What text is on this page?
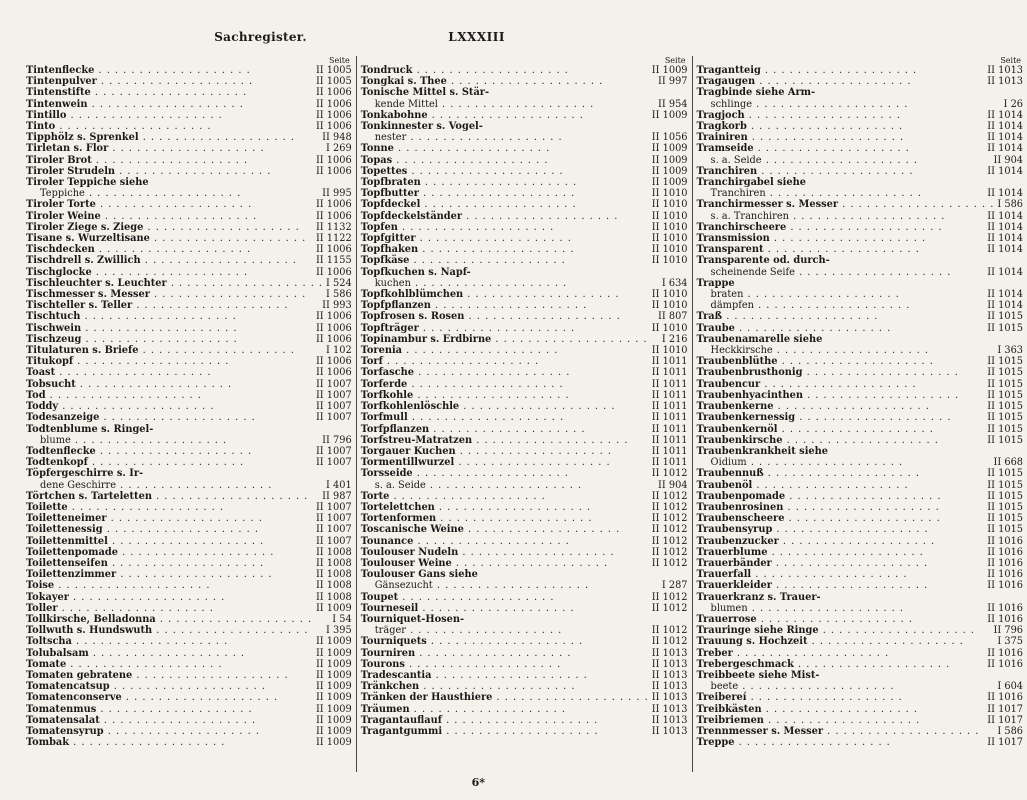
Sachregister.	LXXXIII
Seite
Tintenflecke . . .	II 1005
Tintenpulver . . .	II 1005
Tintenstifte . . .	II 1006
Tintenwein . . .	II 1006
Tintillo . . .	II 1006
Tinto . . .	II 1006
Tipphölz s. Sprenkel . . .	II 948
Tirletan s. Flor . . .	I 269
Tiroler Brot . . .	II 1006
Tiroler Strudeln . . .	II 1006
Tiroler Teppiche siehe
Teppiche . . .	II 995
Tiroler Torte . . .	II 1006
Tiroler Weine . . .	II 1006
Tiroler Ziege s. Ziege . . .	II 1132
Tisane s. Wurzeltisane . . .	II 1122
Tischdecken . . .	II 1006
Tischdrell s. Zwillich . . .	II 1155
Tischglocke . . .	II 1006
Tischleuchter s. Leuchter . . .	I 524
Tischmesser s. Messer . . .	I 586
Tischteller s. Teller . . .	II 993
Tischtuch . . .	II 1006
Tischwein . . .	II 1006
Tischzeug . . .	II 1006
Titulaturen s. Briefe . . .	I 102
Titukopf . . .	II 1006
Toast . . .	II 1006
Tobsucht . . .	II 1007
Tod . . .	II 1007
Toddy . . .	II 1007
Todesanzeige . . .	II 1007
Todtenblume s. Ringel-
blume . . .	II 796
Todtenflecke . . .	II 1007
Todtenkopf . . .	II 1007
Töpfergeschirre s. Ir-
dene Geschirre . . .	I 401
Törtchen s. Tarteletten . . .	II 987
Toilette . . .	II 1007
Toiletteneimer . . .	II 1007
Toilettenessig . . .	II 1007
Toilettenmittel . . .	II 1007
Toilettenpomade . . .	II 1008
Toilettenseifen . . .	II 1008
Toilettenzimmer . . .	II 1008
Toise . . .	II 1008
Tokayer . . .	II 1008
Toller . . .	II 1009
Tollkirsche, Belladonna . . .	I 54
Tollwuth s. Hundswuth . . .	I 395
Toltscha . . .	II 1009
Tolubalsam . . .	II 1009
Tomate . . .	II 1009
Tomaten gebratene . . .	II 1009
Tomatencatsup . . .	II 1009
Tomatenconserve . . .	II 1009
Tomatenmus . . .	II 1009
Tomatensalat . . .	II 1009
Tomatensyrup . . .	II 1009
Tombak . . .	II 1009
Seite
Tondruck . . .	II 1009
Tongkai s. Thee . . .	II 997
Tonische Mittel s. Stär-
kende Mittel . . .	II 954
Tonkabohne . . .	II 1009
Tonkinnester s. Vogel-
nester . . .	II 1056
Tonne . . .	II 1009
Topas . . .	II 1009
Topettes . . .	II 1009
Topfbraten . . .	II 1009
Topfbutter . . .	II 1010
Topfdeckel . . .	II 1010
Topfdeckelständer . . .	II 1010
Topfen . . .	II 1010
Topfgitter . . .	II 1010
Topfhaken . . .	II 1010
Topfkäse . . .	II 1010
Topfkuchen s. Napf-
kuchen . . .	I 634
Topfkohlblümchen . . .	II 1010
Topfpflanzen . . .	II 1010
Topfrosen s. Rosen . . .	II 807
Topfträger . . .	II 1010
Topinambur s. Erdbirne . . .	I 216
Torenia . . .	II 1010
Torf . . .	II 1011
Torfasche . . .	II 1011
Torferde . . .	II 1011
Torfkohle . . .	II 1011
Torfkohlenlöschle . . .	II 1011
Torfmull . . .	II 1011
Torfpflanzen . . .	II 1011
Torfstreu-Matratzen . . .	II 1011
Torgauer Kuchen . . .	II 1011
Tormentillwurzel . . .	II 1011
Torsseide . . .	II 1012
s. a. Seide . . .	II 904
Torte . . .	II 1012
Tortelettchen . . .	II 1012
Tortenformen . . .	II 1012
Toscanische Weine . . .	II 1012
Tounance . . .	II 1012
Toulouser Nudeln . . .	II 1012
Toulouser Weine . . .	II 1012
Toulouser Gans siehe
Gänsezucht . . .	I 287
Toupet . . .	II 1012
Tourneseil . . .	II 1012
Tourniquet-Hosen-
träger . . .	II 1012
Tourniquets . . .	II 1012
Tourniren . . .	II 1013
Tourons . . .	II 1013
Tradescantia . . .	II 1013
Tränkchen . . .	II 1013
Tränken der Hausthiere . . .	II 1013
Träumen . . .	II 1013
Tragantauflauf . . .	II 1013
Tragantgummi . . .	II 1013
Seite
Tragantteig . . .	II 1013
Tragaugen . . .	II 1013
Tragbinde siehe Arm-
schlinge . . .	I 26
Tragjoch . . .	II 1014
Tragkorb . . .	II 1014
Trainiren . . .	II 1014
Tramseide . . .	II 1014
s. a. Seide . . .	II 904
Tranchiren . . .	II 1014
Tranchirgabel siehe
Tranchiren . . .	II 1014
Tranchirmesser s. Messer . . .	I 586
s. a. Tranchiren . . .	II 1014
Tranchirscheere . . .	II 1014
Transmission . . .	II 1014
Transparent . . .	II 1014
Transparente od. durch-
scheinende Seife . . .	II 1014
Trappe
braten . . .	II 1014
dämpfen . . .	II 1014
Traß . . .	II 1015
Traube . . .	II 1015
Traubenamarelle siehe
Heckkirsche . . .	I 363
Traubenblüthe . . .	II 1015
Traubenbrusthonig . . .	II 1015
Traubencur . . .	II 1015
Traubenhyacinthen . . .	II 1015
Traubenkerne . . .	II 1015
Traubenkernessig . . .	II 1015
Traubenkernöl . . .	II 1015
Traubenkirsche . . .	II 1015
Traubenkrankheit siehe
Oidium . . .	II 668
Traubennuß . . .	II 1015
Traubenöl . . .	II 1015
Traubenpomade . . .	II 1015
Traubenrosinen . . .	II 1015
Traubenscheere . . .	II 1015
Traubensyrup . . .	II 1015
Traubenzucker . . .	II 1016
Trauerblume . . .	II 1016
Trauerbänder . . .	II 1016
Trauerfall . . .	II 1016
Trauerkleider . . .	II 1016
Trauerkranz s. Trauer-
blumen . . .	II 1016
Trauerrose . . .	II 1016
Trauringe siehe Ringe . . .	II 796
Trauung s. Hochzeit . . .	I 375
Treber . . .	II 1016
Trebergeschmack . . .	II 1016
Treibbeete siehe Mist-
beete . . .	I 604
Treibereí . . .	II 1016
Treibkästen . . .	II 1017
Treibriemen . . .	II 1017
Trennmesser s. Messer . . .	I 586
Treppe . . .	II 1017
6*
